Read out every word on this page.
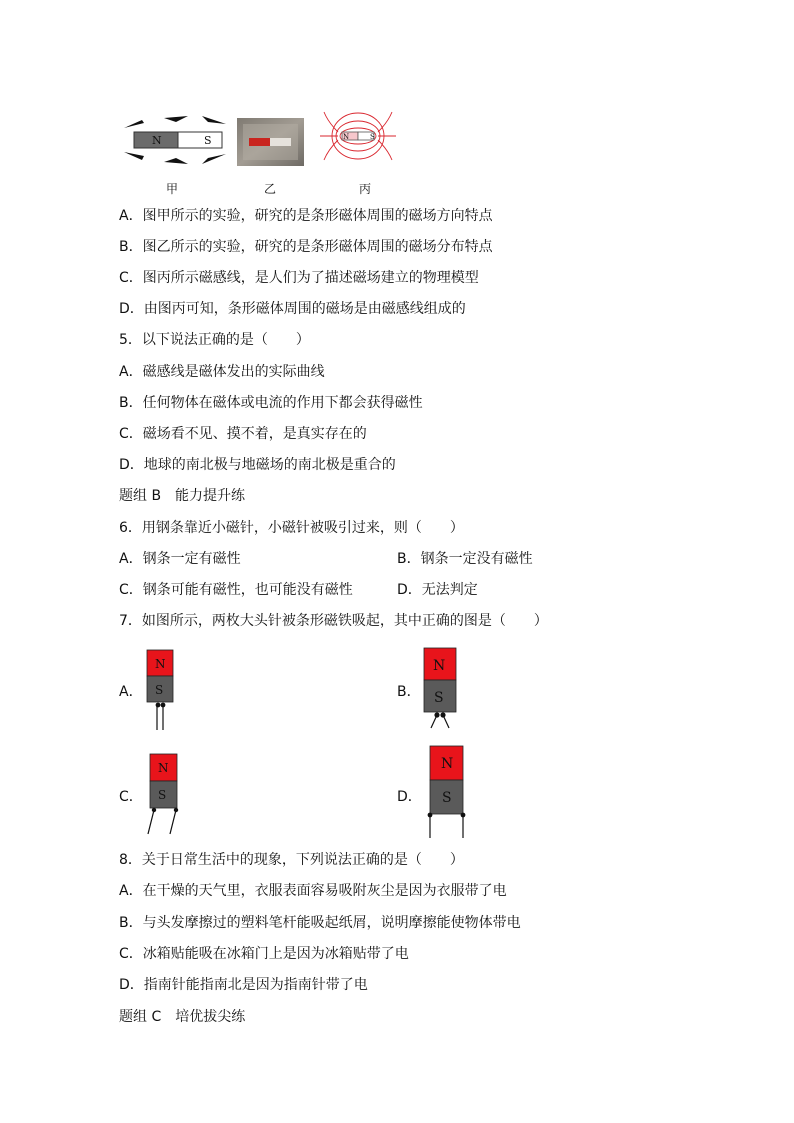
N	S	N	S
甲	乙	丙
A．图甲所示的实验，研究的是条形磁体周围的磁场方向特点
B．图乙所示的实验，研究的是条形磁体周围的磁场分布特点
C．图丙所示磁感线，是人们为了描述磁场建立的物理模型
D．由图丙可知，条形磁体周围的磁场是由磁感线组成的
5．以下说法正确的是（　　）
A．磁感线是磁体发出的实际曲线
B．任何物体在磁体或电流的作用下都会获得磁性
C．磁场看不见、摸不着，是真实存在的
D．地球的南北极与地磁场的南北极是重合的
题组 B　能力提升练
6．用钢条靠近小磁针，小磁针被吸引过来，则（　　）
A．钢条一定有磁性	B．钢条一定没有磁性
C．钢条可能有磁性，也可能没有磁性	D．无法判定
7．如图所示，两枚大头针被条形磁铁吸起，其中正确的图是（　　）
A．
N
S	B．
N
S
C．
N
S	D．
N
S
8．关于日常生活中的现象，下列说法正确的是（　　）
A．在干燥的天气里，衣服表面容易吸附灰尘是因为衣服带了电
B．与头发摩擦过的塑料笔杆能吸起纸屑，说明摩擦能使物体带电
C．冰箱贴能吸在冰箱门上是因为冰箱贴带了电
D．指南针能指南北是因为指南针带了电
题组 C　培优拔尖练
